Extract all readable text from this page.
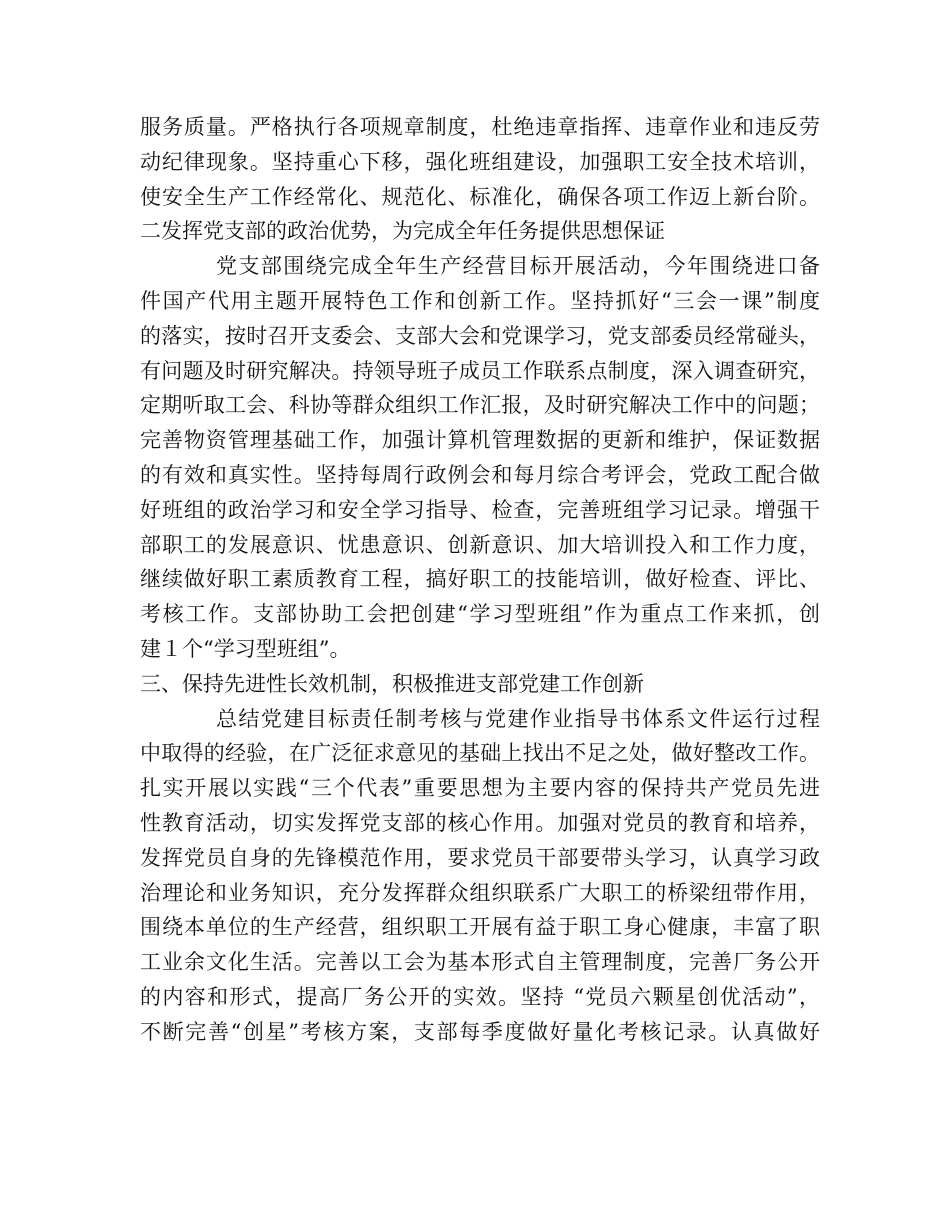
服务质量。严格执行各项规章制度，杜绝违章指挥、违章作业和违反劳
动纪律现象。坚持重心下移，强化班组建设，加强职工安全技术培训，
使安全生产工作经常化、规范化、标准化，确保各项工作迈上新台阶。
二发挥党支部的政治优势，为完成全年任务提供思想保证
党支部围绕完成全年生产经营目标开展活动，今年围绕进口备
件国产代用主题开展特色工作和创新工作。坚持抓好“三会一课”制度
的落实，按时召开支委会、支部大会和党课学习，党支部委员经常碰头，
有问题及时研究解决。持领导班子成员工作联系点制度，深入调查研究，
定期听取工会、科协等群众组织工作汇报，及时研究解决工作中的问题；
完善物资管理基础工作，加强计算机管理数据的更新和维护，保证数据
的有效和真实性。坚持每周行政例会和每月综合考评会，党政工配合做
好班组的政治学习和安全学习指导、检查，完善班组学习记录。增强干
部职工的发展意识、忧患意识、创新意识、加大培训投入和工作力度，
继续做好职工素质教育工程，搞好职工的技能培训，做好检查、评比、
考核工作。支部协助工会把创建“学习型班组”作为重点工作来抓，创
建１个“学习型班组”。
三、保持先进性长效机制，积极推进支部党建工作创新
总结党建目标责任制考核与党建作业指导书体系文件运行过程
中取得的经验，在广泛征求意见的基础上找出不足之处，做好整改工作。
扎实开展以实践“三个代表”重要思想为主要内容的保持共产党员先进
性教育活动，切实发挥党支部的核心作用。加强对党员的教育和培养，
发挥党员自身的先锋模范作用，要求党员干部要带头学习，认真学习政
治理论和业务知识，充分发挥群众组织联系广大职工的桥梁纽带作用，
围绕本单位的生产经营，组织职工开展有益于职工身心健康，丰富了职
工业余文化生活。完善以工会为基本形式自主管理制度，完善厂务公开
的内容和形式，提高厂务公开的实效。坚持 “党员六颗星创优活动”，
不断完善“创星”考核方案，支部每季度做好量化考核记录。认真做好
